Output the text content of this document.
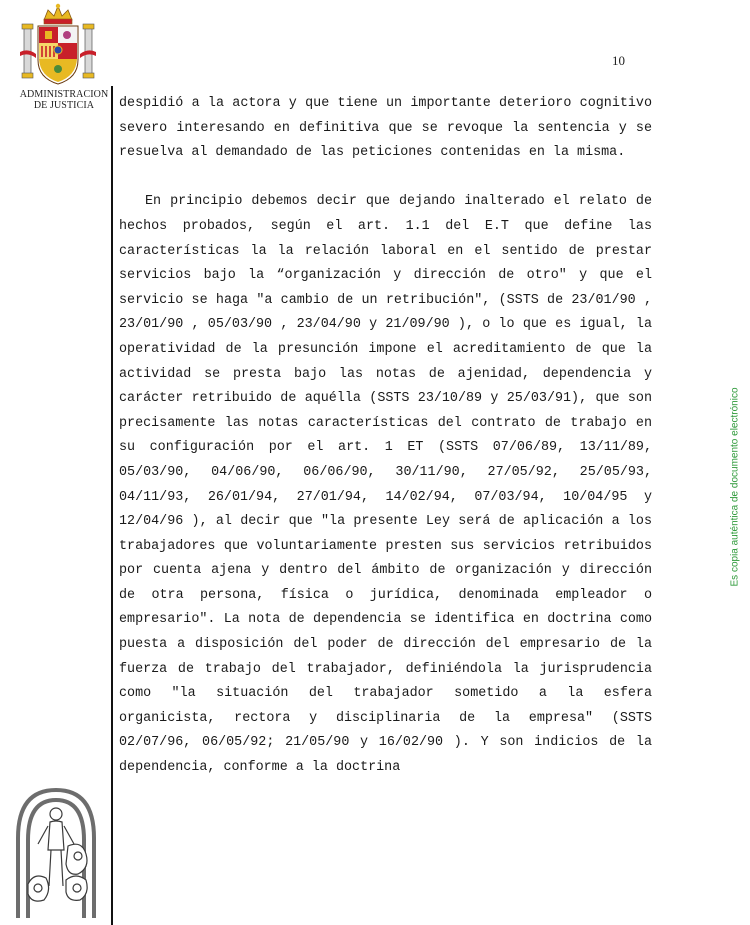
ADMINISTRACION
DE JUSTICIA
10

despidió a la actora y que tiene un importante deterioro cognitivo severo interesando en definitiva que se revoque la sentencia y se resuelva al demandado de las peticiones contenidas en la misma.

En principio debemos decir que dejando inalterado el relato de hechos probados, según el art. 1.1 del E.T que define las características la la relación laboral en el sentido de prestar servicios bajo la “organización y dirección de otro" y que el servicio se haga "a cambio de un retribución", (SSTS de 23/01/90 , 23/01/90 , 05/03/90 , 23/04/90 y 21/09/90 ), o lo que es igual, la operatividad de la presunción impone el acreditamiento de que la actividad se presta bajo las notas de ajenidad, dependencia y carácter retribuido de aquélla (SSTS 23/10/89 y 25/03/91), que son precisamente las notas características del contrato de trabajo en su configuración por el art. 1 ET (SSTS 07/06/89, 13/11/89, 05/03/90, 04/06/90, 06/06/90, 30/11/90, 27/05/92, 25/05/93, 04/11/93, 26/01/94, 27/01/94, 14/02/94, 07/03/94, 10/04/95 y 12/04/96 ), al decir que "la presente Ley será de aplicación a los trabajadores que voluntariamente presten sus servicios retribuidos por cuenta ajena y dentro del ámbito de organización y dirección de otra persona, física o jurídica, denominada empleador o empresario". La nota de dependencia se identifica en doctrina como puesta a disposición del poder de dirección del empresario de la fuerza de trabajo del trabajador, definiéndola la jurisprudencia como "la situación del trabajador sometido a la esfera organicista, rectora y disciplinaria de la empresa" (SSTS 02/07/96, 06/05/92; 21/05/90 y 16/02/90 ). Y son indicios de la dependencia, conforme a la doctrina

Es copia auténtica de documento electrónico
